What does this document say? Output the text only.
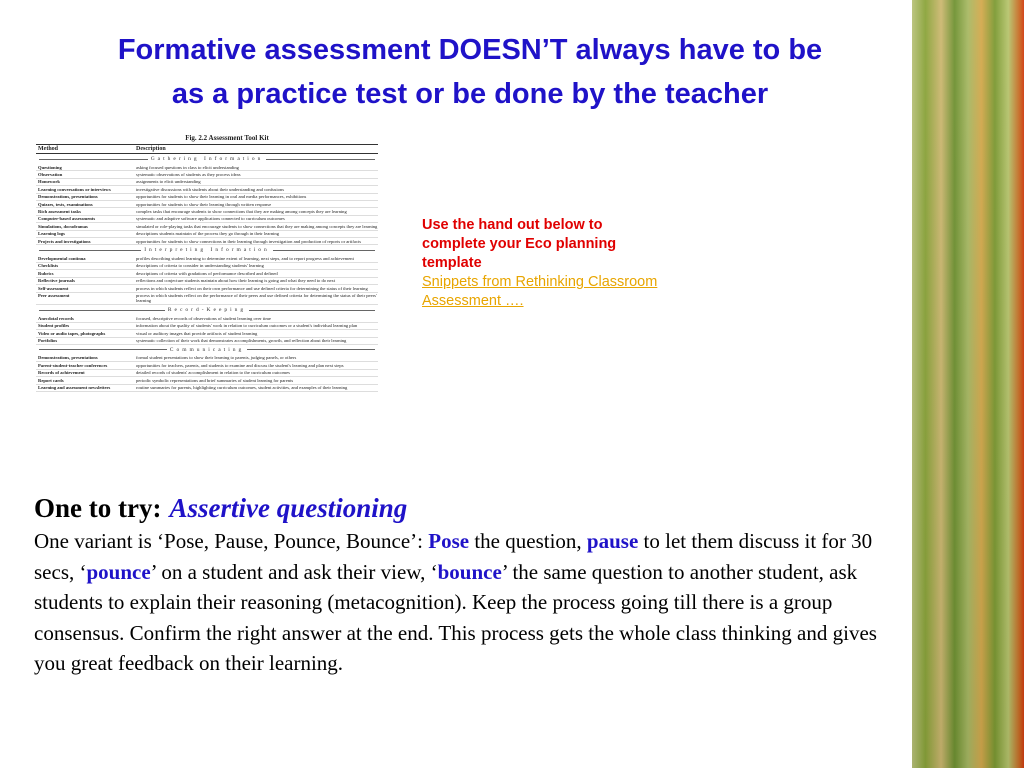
Formative assessment DOESN’T always have to be
as a practice test or be done by the teacher
Fig. 2.2 Assessment Tool Kit
Method	Description
Gathering Information
Questioning	asking focused questions in class to elicit understanding
Observation	systematic observations of students as they process ideas
Homework	assignments to elicit understanding
Learning conversations or interviews	investigative discussions with students about their understanding and confusions
Demonstrations, presentations	opportunities for students to show their learning in oral and media performances, exhibitions
Quizzes, tests, examinations	opportunities for students to show their learning through written response
Rich assessment tasks	complex tasks that encourage students to show connections that they are making among concepts they are learning
Computer-based assessments	systematic and adaptive software applications connected to curriculum outcomes
Simulations, docudramas	simulated or role-playing tasks that encourage students to show connections that they are making among concepts they are learning
Learning logs	descriptions students maintain of the process they go through in their learning
Projects and investigations	opportunities for students to show connections in their learning through investigation and production of reports or artifacts
Interpreting Information
Developmental continua	profiles describing student learning to determine extent of learning, next steps, and to report progress and achievement
Checklists	descriptions of criteria to consider in understanding students' learning
Rubrics	descriptions of criteria with gradations of performance described and defined
Reflective journals	reflections and conjecture students maintain about how their learning is going and what they need to do next
Self-assessment	process in which students reflect on their own performance and use defined criteria for determining the status of their learning
Peer assessment	process in which students reflect on the performance of their peers and use defined criteria for determining the status of their peers' learning
Record-Keeping
Anecdotal records	focused, descriptive records of observations of student learning over time
Student profiles	information about the quality of students' work in relation to curriculum outcomes or a student's individual learning plan
Video or audio tapes, photographs	visual or auditory images that provide artifacts of student learning
Portfolios	systematic collection of their work that demonstrates accomplishments, growth, and reflection about their learning
Communicating
Demonstrations, presentations	formal student presentations to show their learning to parents, judging panels, or others
Parent-student-teacher conferences	opportunities for teachers, parents, and students to examine and discuss the student's learning and plan next steps
Records of achievement	detailed records of students' accomplishment in relation to the curriculum outcomes
Report cards	periodic symbolic representations and brief summaries of student learning for parents
Learning and assessment newsletters	routine summaries for parents, highlighting curriculum outcomes, student activities, and examples of their learning
Use the hand out below to complete your Eco planning template
Snippets from Rethinking Classroom Assessment ….
One to try: Assertive questioning
One variant is ‘Pose, Pause, Pounce, Bounce’: Pose the question, pause to let them discuss it for 30 secs, ‘pounce’ on a student and ask their view, ‘bounce’ the same question to another student, ask students to explain their reasoning (metacognition). Keep the process going till there is a group consensus. Confirm the right answer at the end. This process gets the whole class thinking and gives you great feedback on their learning.
